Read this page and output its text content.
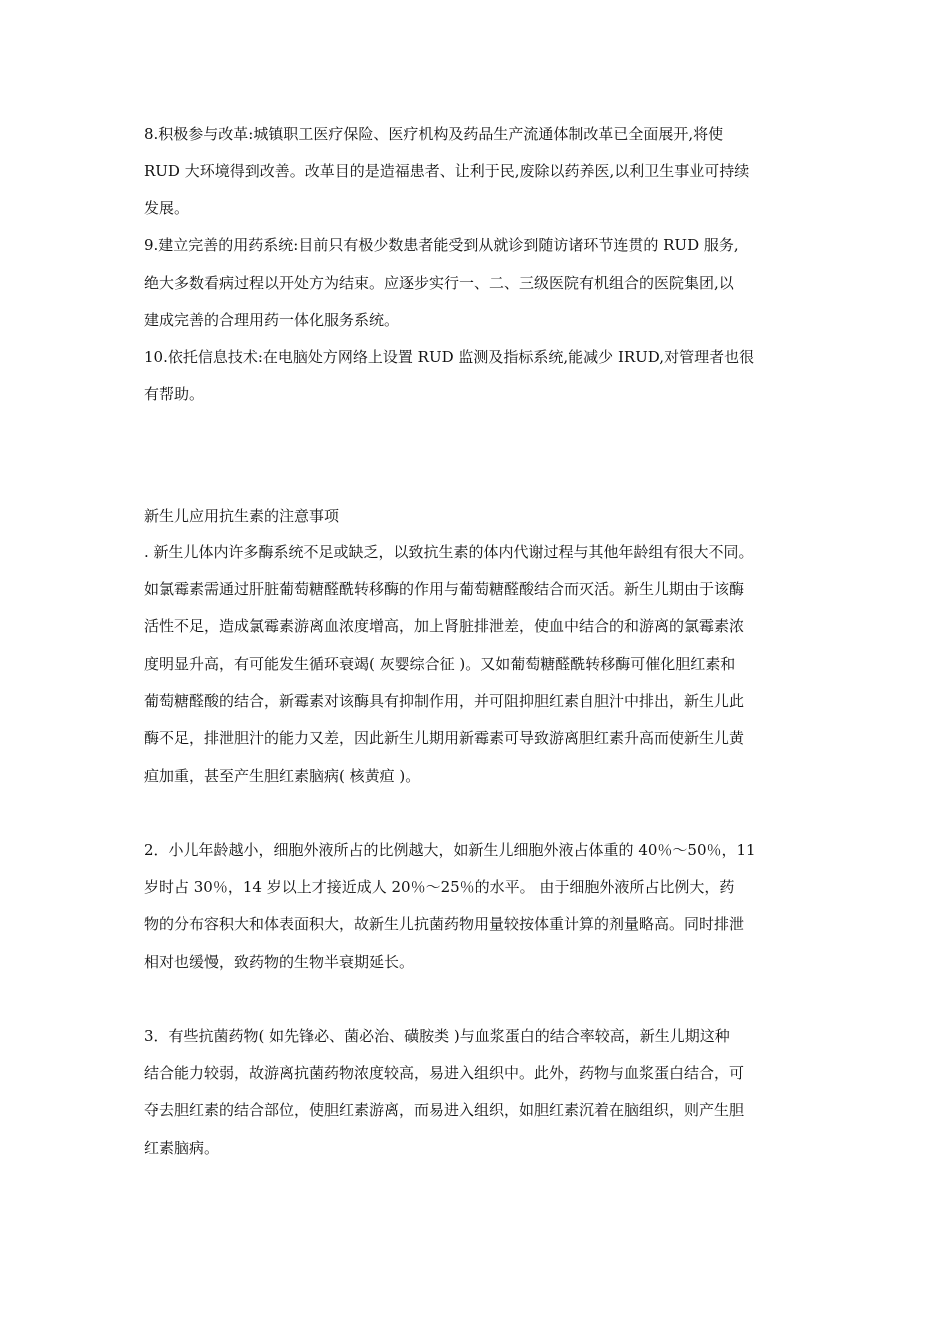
8.积极参与改革:城镇职工医疗保险、医疗机构及药品生产流通体制改革已全面展开,将使
RUD 大环境得到改善。改革目的是造福患者、让利于民,废除以药养医,以利卫生事业可持续
发展。
9.建立完善的用药系统:目前只有极少数患者能受到从就诊到随访诸环节连贯的 RUD 服务,
绝大多数看病过程以开处方为结束。应逐步实行一、二、三级医院有机组合的医院集团,以
建成完善的合理用药一体化服务系统。
10.依托信息技术:在电脑处方网络上设置 RUD 监测及指标系统,能减少 IRUD,对管理者也很
有帮助。
新生儿应用抗生素的注意事项
. 新生儿体内许多酶系统不足或缺乏，以致抗生素的体内代谢过程与其他年龄组有很大不同。
如氯霉素需通过肝脏葡萄糖醛酰转移酶的作用与葡萄糖醛酸结合而灭活。新生儿期由于该酶
活性不足，造成氯霉素游离血浓度增高，加上肾脏排泄差，使血中结合的和游离的氯霉素浓
度明显升高，有可能发生循环衰竭( 灰婴综合征 )。又如葡萄糖醛酰转移酶可催化胆红素和
葡萄糖醛酸的结合，新霉素对该酶具有抑制作用，并可阻抑胆红素自胆汁中排出，新生儿此
酶不足，排泄胆汁的能力又差，因此新生儿期用新霉素可导致游离胆红素升高而使新生儿黄
疸加重，甚至产生胆红素脑病( 核黄疸 )。
2．小儿年龄越小，细胞外液所占的比例越大，如新生儿细胞外液占体重的 40％～50％，11
岁时占 30％，14 岁以上才接近成人 20％～25％的水平。 由于细胞外液所占比例大，药
物的分布容积大和体表面积大，故新生儿抗菌药物用量较按体重计算的剂量略高。同时排泄
相对也缓慢，致药物的生物半衰期延长。
3．有些抗菌药物( 如先锋必、菌必治、磺胺类 )与血浆蛋白的结合率较高，新生儿期这种
结合能力较弱，故游离抗菌药物浓度较高，易进入组织中。此外，药物与血浆蛋白结合，可
夺去胆红素的结合部位，使胆红素游离，而易进入组织，如胆红素沉着在脑组织，则产生胆
红素脑病。
